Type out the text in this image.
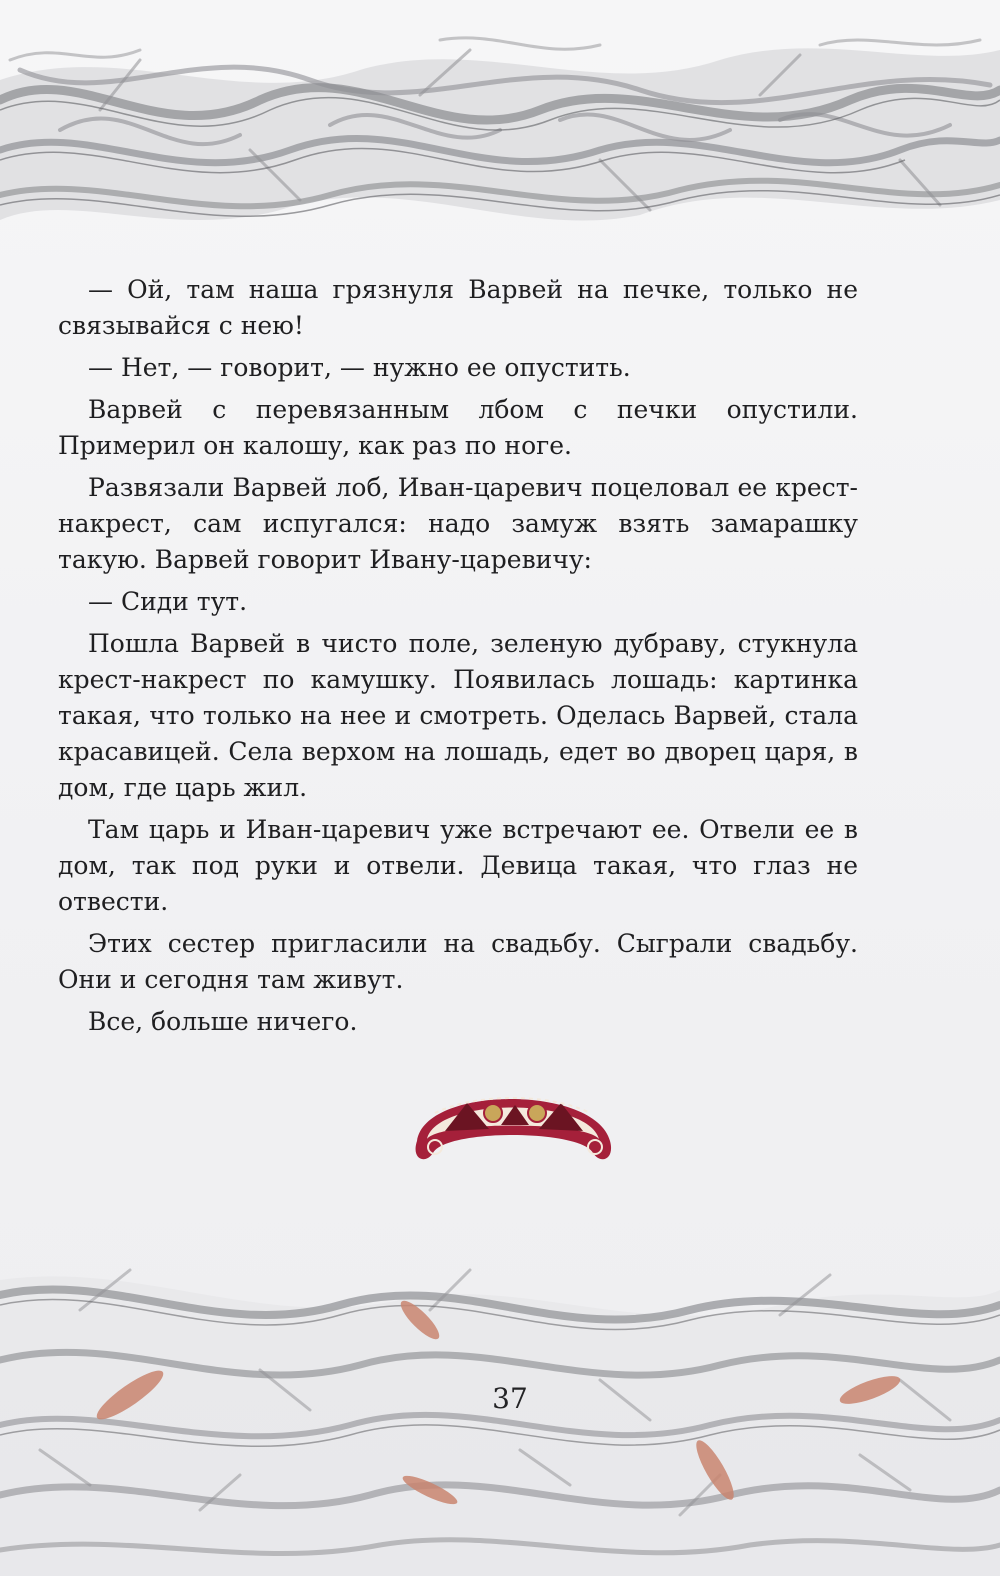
— Ой, там наша грязнуля Варвей на печке, только не связывайся с нею!

— Нет, — говорит, — нужно ее опустить.

Варвей с перевязанным лбом с печки опустили. Примерил он калошу, как раз по ноге.

Развязали Варвей лоб, Иван-царевич поцеловал ее крест-накрест, сам испугался: надо замуж взять замарашку такую. Варвей говорит Ивану-царевичу:

— Сиди тут.

Пошла Варвей в чисто поле, зеленую дубраву, стукнула крест-накрест по камушку. Появилась лошадь: картинка такая, что только на нее и смотреть. Оделась Варвей, стала красавицей. Села верхом на лошадь, едет во дворец царя, в дом, где царь жил.

Там царь и Иван-царевич уже встречают ее. Отвели ее в дом, так под руки и отвели. Девица такая, что глаз не отвести.

Этих сестер пригласили на свадьбу. Сыграли свадьбу. Они и сегодня там живут.

Все, больше ничего.

37
